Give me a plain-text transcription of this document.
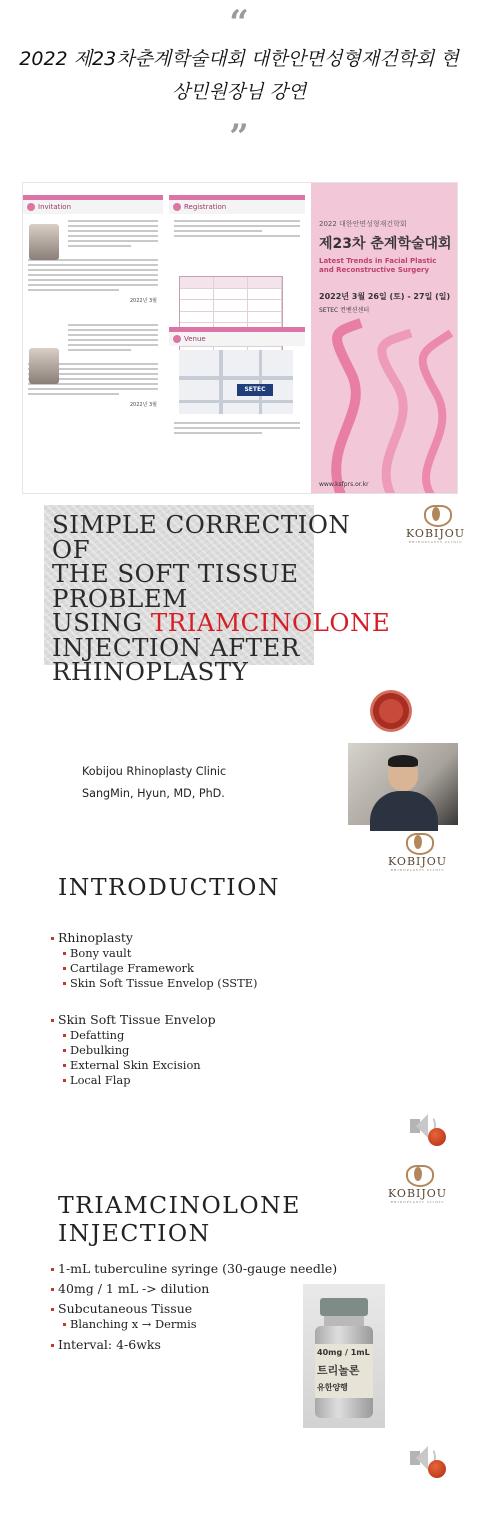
“
2022 제23차춘계학술대회 대한안면성형재건학회 현
상민원장님 강연
”
Invitation
2022년 3월
2022년 3월
Registration
Venue
SETEC
2022 대한안면성형재건학회
제23차 춘계학술대회
Latest Trends in Facial Plastic
and Reconstructive Surgery
2022년 3월 26일 (토) - 27일 (일)
SETEC 컨벤션센터
www.ksfprs.or.kr
SIMPLE CORRECTION OF
THE SOFT TISSUE PROBLEM
USING TRIAMCINOLONE
INJECTION AFTER
RHINOPLASTY
KOBIJOU
RHINOPLASTY CLINIC
Kobijou Rhinoplasty Clinic
SangMin, Hyun, MD, PhD.
KOBIJOU
RHINOPLASTY CLINIC
INTRODUCTION
Rhinoplasty
Bony vault
Cartilage Framework
Skin Soft Tissue Envelop (SSTE)
Skin Soft Tissue Envelop
Defatting
Debulking
External Skin Excision
Local Flap
KOBIJOU
RHINOPLASTY CLINIC
TRIAMCINOLONE
INJECTION
1-mL tuberculine syringe (30-gauge needle)
40mg / 1 mL -> dilution
Subcutaneous Tissue
Blanching x → Dermis
Interval: 4-6wks
40mg / 1mL
트리놀론
유한양행
